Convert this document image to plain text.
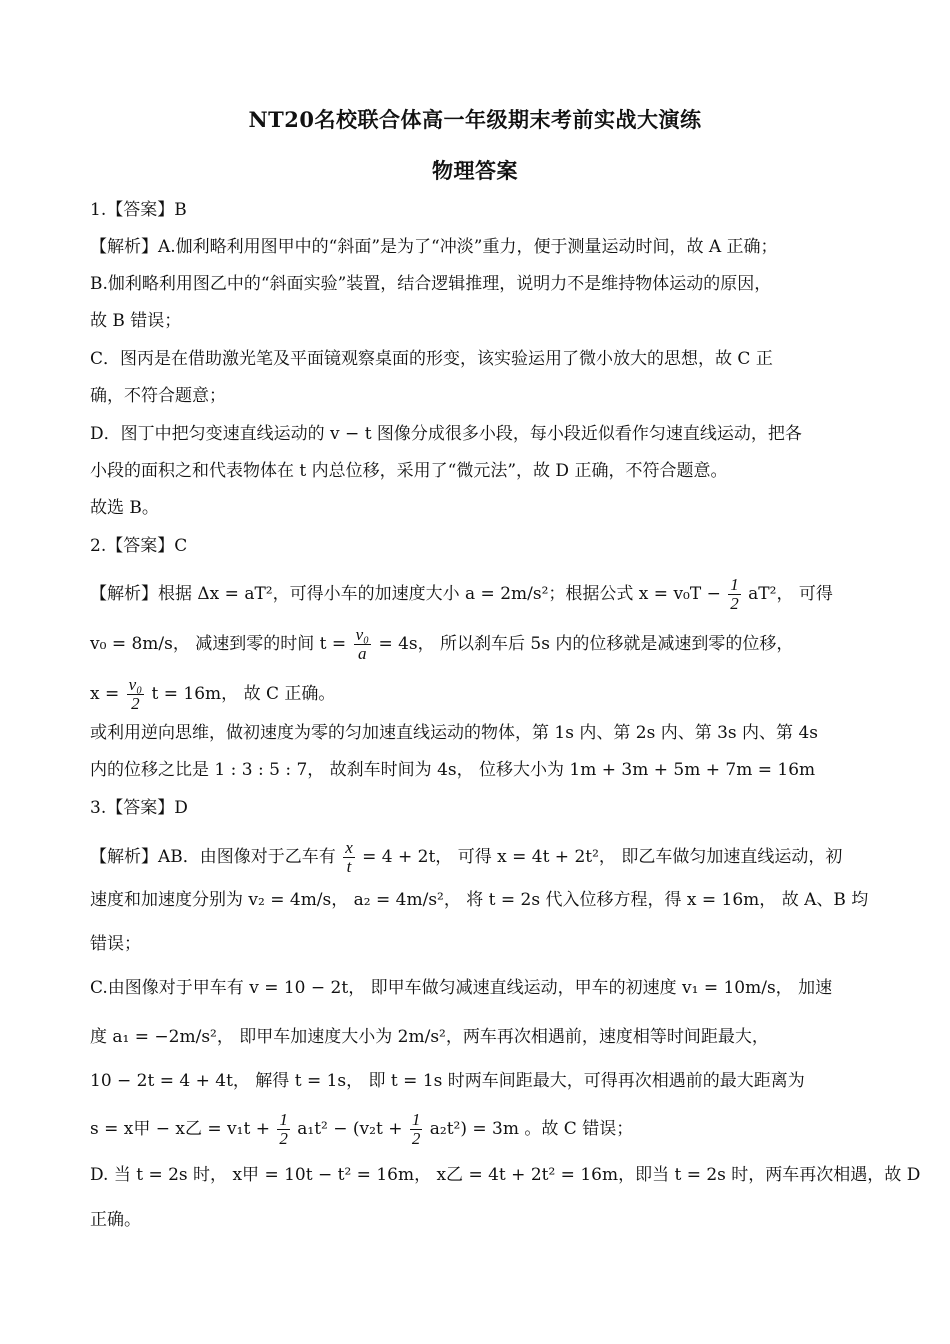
NT20名校联合体高一年级期末考前实战大演练
物理答案
1.【答案】B
【解析】A.伽利略利用图甲中的“斜面”是为了“冲淡”重力，便于测量运动时间，故 A 正确；
B.伽利略利用图乙中的“斜面实验”装置，结合逻辑推理，说明力不是维持物体运动的原因，
故 B 错误；
C．图丙是在借助激光笔及平面镜观察桌面的形变，该实验运用了微小放大的思想，故 C 正
确，不符合题意；
D．图丁中把匀变速直线运动的 v − t 图像分成很多小段，每小段近似看作匀速直线运动，把各
小段的面积之和代表物体在 t 内总位移，采用了“微元法”，故 D 正确，不符合题意。
故选 B。
2.【答案】C
【解析】根据 Δx = aT²，可得小车的加速度大小 a = 2m/s²；根据公式 $x = v_0T - \frac{1}{2} aT^2$， 可得
v₀ = 8m/s， 减速到零的时间 $t = \frac{\text{v₀}}{a} = 4s$， 所以刹车后 5s 内的位移就是减速到零的位移，
$x = \frac{\text{v₀}}{2}$ t = 16m， 故 C 正确。
或利用逆向思维，做初速度为零的匀加速直线运动的物体，第 1s 内、第 2s 内、第 3s 内、第 4s
内的位移之比是 1 : 3 : 5 : 7， 故刹车时间为 4s， 位移大小为 1m + 3m + 5m + 7m = 16m
3.【答案】D
【解析】AB．由图像对于乙车有 $\frac{x}{t} = 4 + 2t$， 可得 x = 4t + 2t²， 即乙车做匀加速直线运动，初
速度和加速度分别为 v₂ = 4m/s， a₂ = 4m/s²， 将 t = 2s 代入位移方程，得 x = 16m， 故 A、B 均
错误；
C.由图像对于甲车有 v = 10 − 2t， 即甲车做匀减速直线运动，甲车的初速度 v₁ = 10m/s， 加速
度 a₁ = −2m/s²， 即甲车加速度大小为 2m/s²，两车再次相遇前，速度相等时间距最大，
10 − 2t = 4 + 4t， 解得 t = 1s， 即 t = 1s 时两车间距最大，可得再次相遇前的最大距离为
s = x甲 − x乙 = $v_1t + \frac{1}{2} a_1t^2 - (v_2t + \frac{1}{2} a_2t^2) = 3m$ 。故 C 错误；
D. 当 t = 2s 时， x甲 = 10t − t² = 16m， x乙 = 4t + 2t² = 16m，即当 t = 2s 时，两车再次相遇，故 D
正确。
